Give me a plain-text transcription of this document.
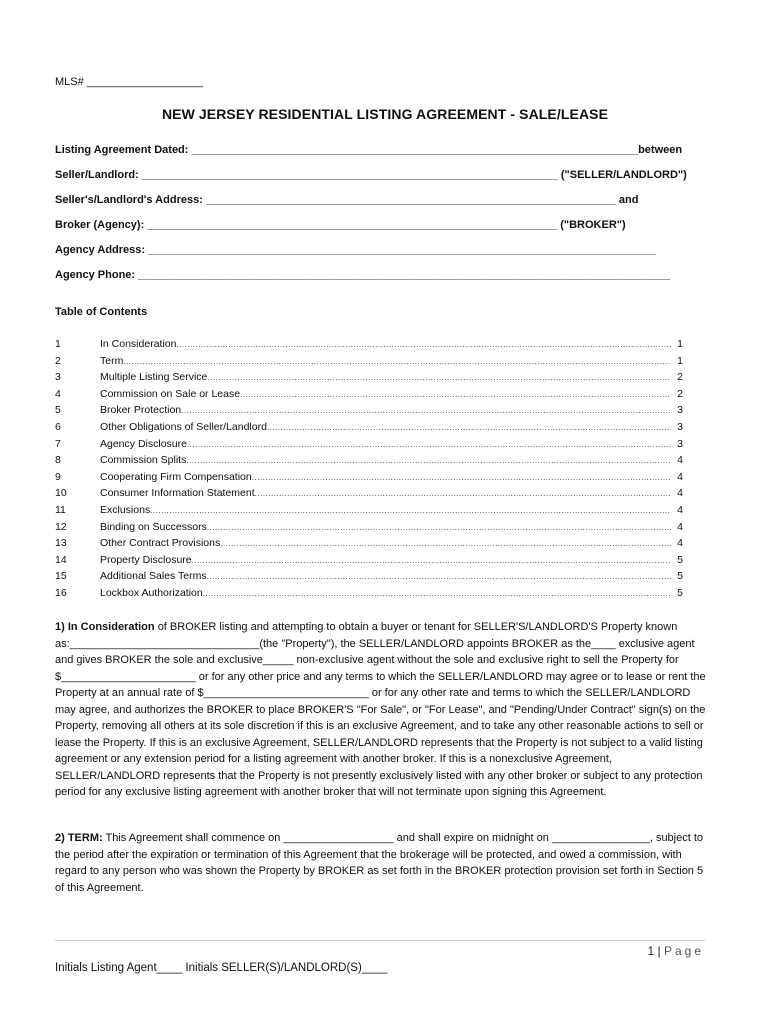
MLS# ___________________
NEW JERSEY RESIDENTIAL LISTING AGREEMENT - SALE/LEASE
Listing Agreement Dated: _________________________________________________________________________between
Seller/Landlord: ____________________________________________________________________ ("SELLER/LANDLORD")
Seller's/Landlord's Address: ___________________________________________________________________ and
Broker (Agency): ___________________________________________________________________ ("BROKER")
Agency Address: ___________________________________________________________________________________
Agency Phone: _______________________________________________________________________________________
Table of Contents
1	In Consideration .....	1
2	Term .....	1
3	Multiple Listing Service .....	2
4	Commission on Sale or Lease .....	2
5	Broker Protection .....	3
6	Other Obligations of Seller/Landlord .....	3
7	Agency Disclosure .....	3
8	Commission Splits .....	4
9	Cooperating Firm Compensation .....	4
10	Consumer Information Statement .....	4
11	Exclusions .....	4
12	Binding on Successors .....	4
13	Other Contract Provisions .....	4
14	Property Disclosure .....	5
15	Additional Sales Terms .....	5
16	Lockbox Authorization .....	5

1) In Consideration of BROKER listing and attempting to obtain a buyer or tenant for SELLER'S/LANDLORD'S Property known as:_______________________________(the "Property"), the SELLER/LANDLORD appoints BROKER as the____ exclusive agent and gives BROKER the sole and exclusive_____ non-exclusive agent without the sole and exclusive right to sell the Property for $______________________ or for any other price and any terms to which the SELLER/LANDLORD may agree or to lease or rent the Property at an annual rate of $___________________________ or for any other rate and terms to which the SELLER/LANDLORD may agree, and authorizes the BROKER to place BROKER'S "For Sale", or "For Lease", and "Pending/Under Contract" sign(s) on the Property, removing all others at its sole discretion if this is an exclusive Agreement, and to take any other reasonable actions to sell or lease the Property. If this is an exclusive Agreement, SELLER/LANDLORD represents that the Property is not subject to a valid listing agreement or any extension period for a listing agreement with another broker. If this is a nonexclusive Agreement, SELLER/LANDLORD represents that the Property is not presently exclusively listed with any other broker or subject to any protection period for any exclusive listing agreement with another broker that will not terminate upon signing this Agreement.

2) TERM: This Agreement shall commence on __________________ and shall expire on midnight on ________________, subject to the period after the expiration or termination of this Agreement that the brokerage will be protected, and owed a commission, with regard to any person who was shown the Property by BROKER as set forth in the BROKER protection provision set forth in Section 5 of this Agreement.

1 | Page
Initials Listing Agent____ Initials SELLER(S)/LANDLORD(S)____
